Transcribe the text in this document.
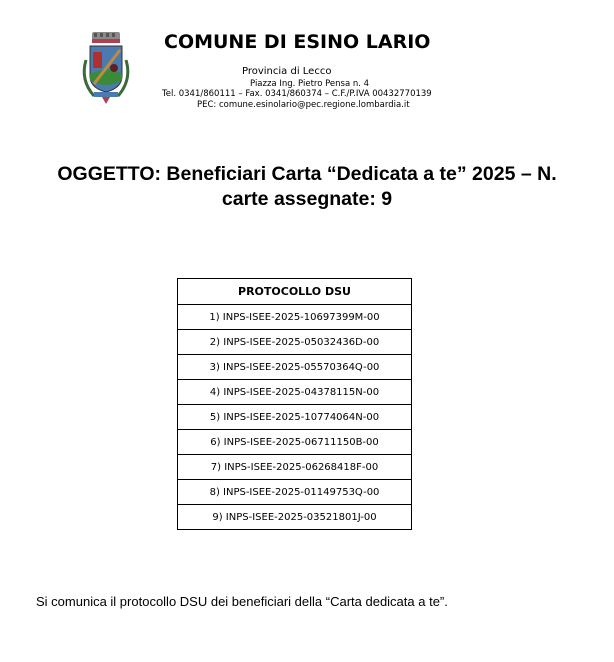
COMUNE DI ESINO LARIO
Provincia di Lecco
Piazza Ing. Pietro Pensa n. 4
Tel. 0341/860111 – Fax. 0341/860374 – C.F./P.IVA 00432770139
PEC: comune.esinolario@pec.regione.lombardia.it
OGGETTO: Beneficiari Carta “Dedicata a te” 2025 – N.
carte assegnate: 9
PROTOCOLLO DSU
1) INPS-ISEE-2025-10697399M-00
2) INPS-ISEE-2025-05032436D-00
3) INPS-ISEE-2025-05570364Q-00
4) INPS-ISEE-2025-04378115N-00
5) INPS-ISEE-2025-10774064N-00
6) INPS-ISEE-2025-06711150B-00
7) INPS-ISEE-2025-06268418F-00
8) INPS-ISEE-2025-01149753Q-00
9) INPS-ISEE-2025-03521801J-00
Si comunica il protocollo DSU dei beneficiari della “Carta dedicata a te”.
